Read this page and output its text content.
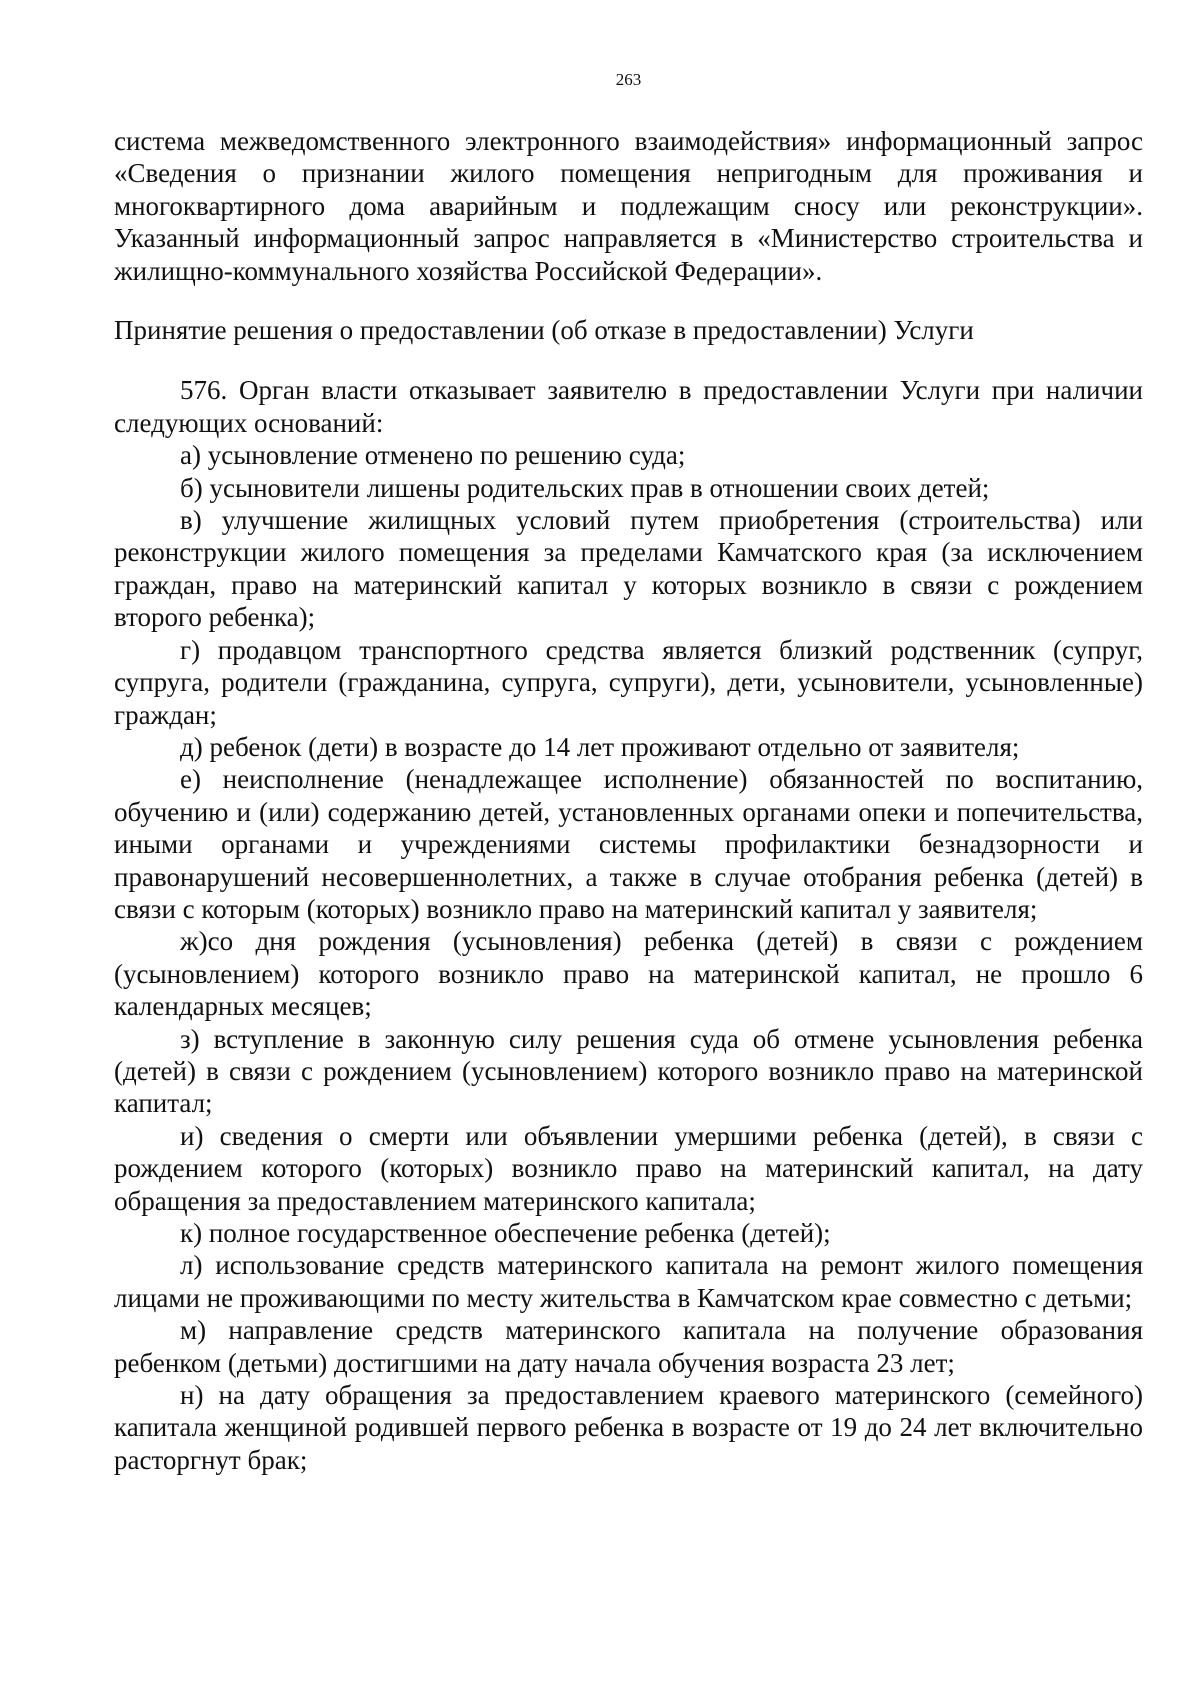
263

система межведомственного электронного взаимодействия» информационный запрос «Сведения о признании жилого помещения непригодным для проживания и многоквартирного дома аварийным и подлежащим сносу или реконструкции». Указанный информационный запрос направляется в «Министерство строительства и жилищно-коммунального хозяйства Российской Федерации».

Принятие решения о предоставлении (об отказе в предоставлении) Услуги

576. Орган власти отказывает заявителю в предоставлении Услуги при наличии следующих оснований:

а) усыновление отменено по решению суда;

б) усыновители лишены родительских прав в отношении своих детей;

в) улучшение жилищных условий путем приобретения (строительства) или реконструкции жилого помещения за пределами Камчатского края (за исключением граждан, право на материнский капитал у которых возникло в связи с рождением второго ребенка);

г) продавцом транспортного средства является близкий родственник (супруг, супруга, родители (гражданина, супруга, супруги), дети, усыновители, усыновленные) граждан;

д) ребенок (дети) в возрасте до 14 лет проживают отдельно от заявителя;

е) неисполнение (ненадлежащее исполнение) обязанностей по воспитанию, обучению и (или) содержанию детей, установленных органами опеки и попечительства, иными органами и учреждениями системы профилактики безнадзорности и правонарушений несовершеннолетних, а также в случае отобрания ребенка (детей) в связи с которым (которых) возникло право на материнский капитал у заявителя;

ж)со дня рождения (усыновления) ребенка (детей) в связи с рождением (усыновлением) которого возникло право на материнской капитал, не прошло 6 календарных месяцев;

з) вступление в законную силу решения суда об отмене усыновления ребенка (детей) в связи с рождением (усыновлением) которого возникло право на материнской капитал;

и) сведения о смерти или объявлении умершими ребенка (детей), в связи с рождением которого (которых) возникло право на материнский капитал, на дату обращения за предоставлением материнского капитала;

к) полное государственное обеспечение ребенка (детей);

л) использование средств материнского капитала на ремонт жилого помещения лицами не проживающими по месту жительства в Камчатском крае совместно с детьми;

м) направление средств материнского капитала на получение образования ребенком (детьми) достигшими на дату начала обучения возраста 23 лет;

н) на дату обращения за предоставлением краевого материнского (семейного) капитала женщиной родившей первого ребенка в возрасте от 19 до 24 лет включительно расторгнут брак;
